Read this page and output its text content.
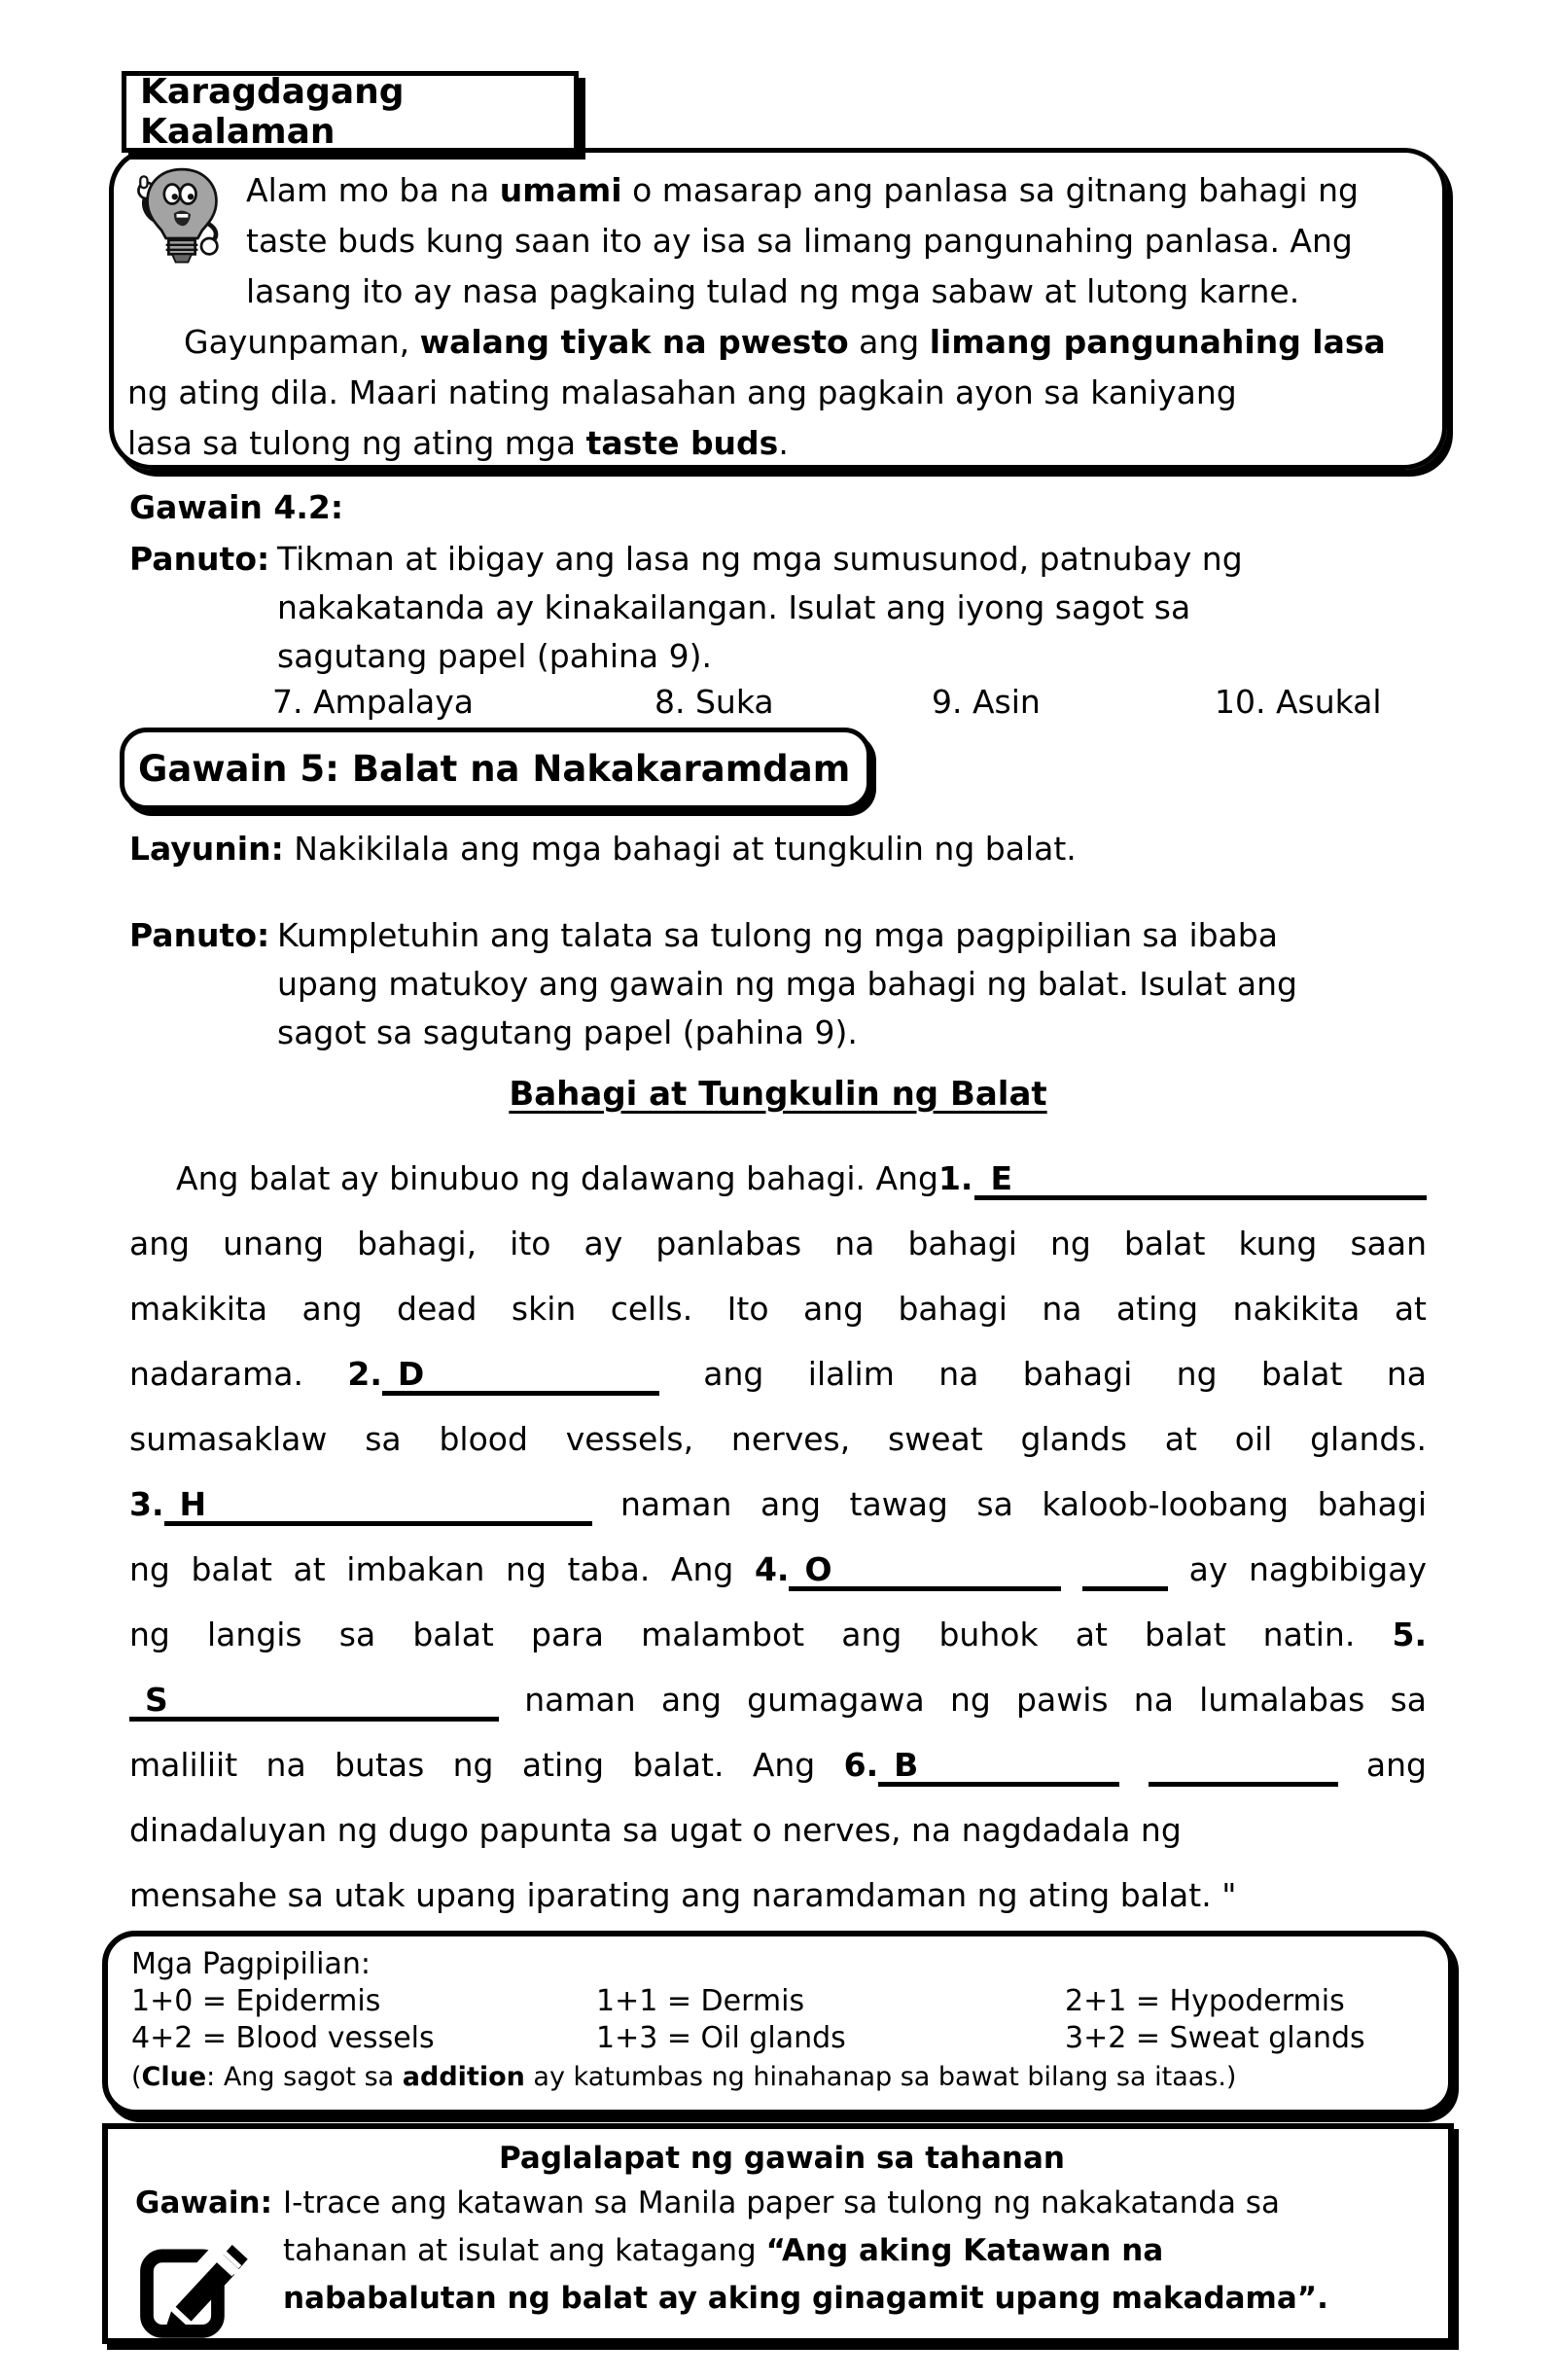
Karagdagang Kaalaman
Alam mo ba na umami o masarap ang panlasa sa gitnang bahagi ng
taste buds kung saan ito ay isa sa limang pangunahing panlasa. Ang
lasang ito ay nasa pagkaing tulad ng mga sabaw at lutong karne.
Gayunpaman, walang tiyak na pwesto ang limang pangunahing lasa
ng ating dila. Maari nating malasahan ang pagkain ayon sa kaniyang
lasa sa tulong ng ating mga taste buds.
Gawain 4.2:
Panuto: Tikman at ibigay ang lasa ng mga sumusunod, patnubay ng
nakakatanda ay kinakailangan. Isulat ang iyong sagot sa
sagutang papel (pahina 9).
7. Ampalaya	8. Suka	9. Asin	10. Asukal
Gawain 5: Balat na Nakakaramdam
Layunin: Nakikilala ang mga bahagi at tungkulin ng balat.
Panuto: Kumpletuhin ang talata sa tulong ng mga pagpipilian sa ibaba
upang matukoy ang gawain ng mga bahagi ng balat. Isulat ang
sagot sa sagutang papel (pahina 9).
Bahagi at Tungkulin ng Balat
Ang balat ay binubuo ng dalawang bahagi. Ang 1. E
ang unang bahagi, ito ay panlabas na bahagi ng balat kung saan
makikita ang dead skin cells. Ito ang bahagi na ating nakikita at
nadarama. 2. D	ang ilalim na bahagi ng balat na
sumasaklaw sa blood vessels, nerves, sweat glands at oil glands.
3. H	naman ang tawag sa kaloob-loobang bahagi
ng balat at imbakan ng taba. Ang 4. O	ay nagbibigay
ng langis sa balat para malambot ang buhok at balat natin. 5.
S	naman ang gumagawa ng pawis na lumalabas sa
maliliit na butas ng ating balat. Ang 6. B	ang
dinadaluyan ng dugo papunta sa ugat o nerves, na nagdadala ng
mensahe sa utak upang iparating ang naramdaman ng ating balat. "
Mga Pagpipilian:
1+0 = Epidermis	1+1 = Dermis	2+1 = Hypodermis
4+2 = Blood vessels	1+3 = Oil glands	3+2 = Sweat glands
(Clue: Ang sagot sa addition ay katumbas ng hinahanap sa bawat bilang sa itaas.)
Paglalapat ng gawain sa tahanan
Gawain: I-trace ang katawan sa Manila paper sa tulong ng nakakatanda sa
tahanan at isulat ang katagang “Ang aking Katawan na
nababalutan ng balat ay aking ginagamit upang makadama”.
